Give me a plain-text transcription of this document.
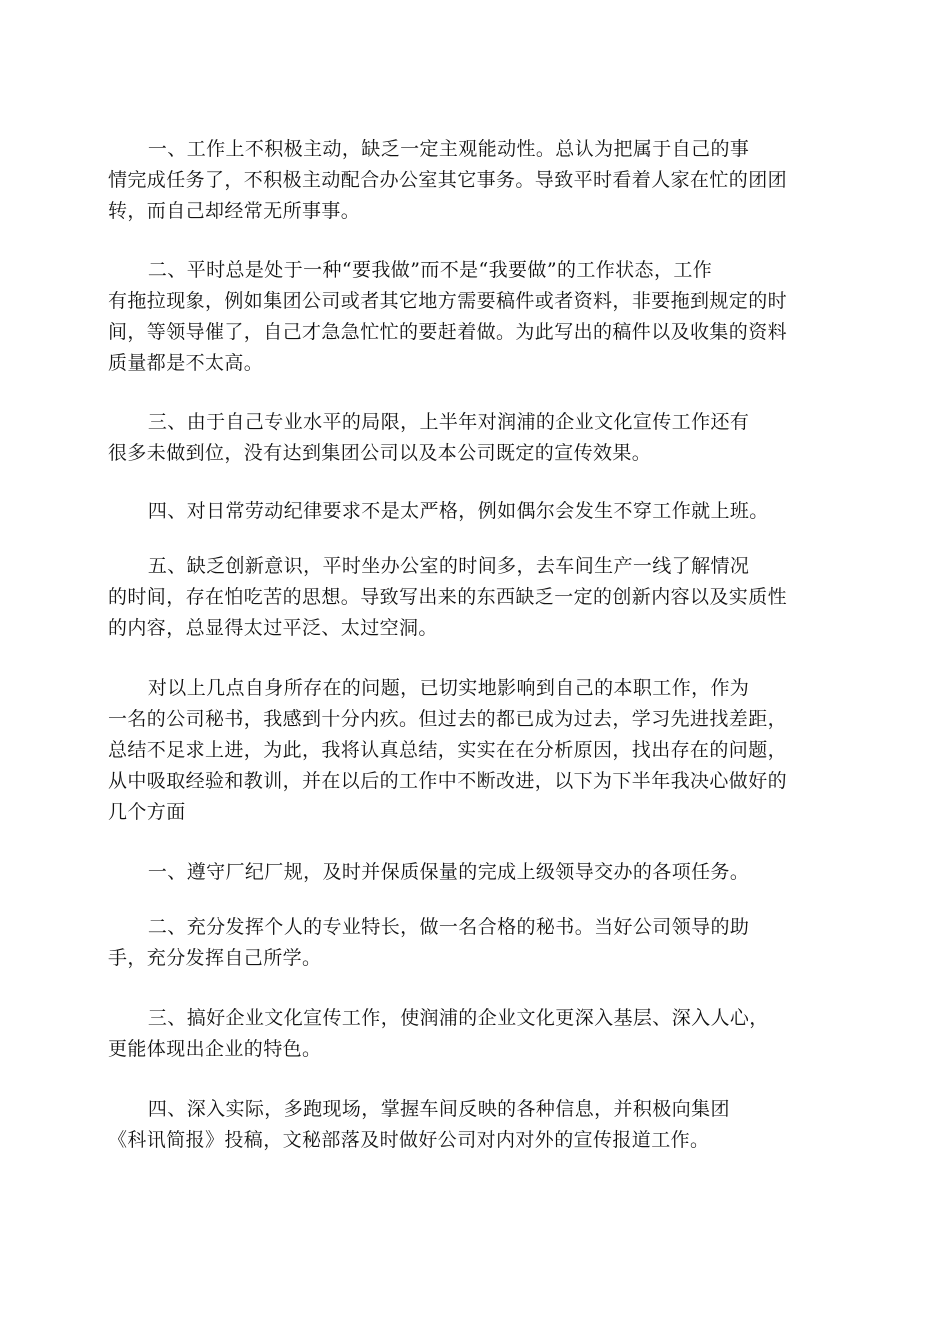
一、工作上不积极主动，缺乏一定主观能动性。总认为把属于自己的事
情完成任务了，不积极主动配合办公室其它事务。导致平时看着人家在忙的团团
转，而自己却经常无所事事。

二、平时总是处于一种“要我做”而不是“我要做”的工作状态，工作
有拖拉现象，例如集团公司或者其它地方需要稿件或者资料，非要拖到规定的时
间，等领导催了，自己才急急忙忙的要赶着做。为此写出的稿件以及收集的资料
质量都是不太高。

三、由于自己专业水平的局限，上半年对润浦的企业文化宣传工作还有
很多未做到位，没有达到集团公司以及本公司既定的宣传效果。

四、对日常劳动纪律要求不是太严格，例如偶尔会发生不穿工作就上班。

五、缺乏创新意识，平时坐办公室的时间多，去车间生产一线了解情况
的时间，存在怕吃苦的思想。导致写出来的东西缺乏一定的创新内容以及实质性
的内容，总显得太过平泛、太过空洞。

对以上几点自身所存在的问题，已切实地影响到自己的本职工作，作为
一名的公司秘书，我感到十分内疚。但过去的都已成为过去，学习先进找差距，
总结不足求上进，为此，我将认真总结，实实在在分析原因，找出存在的问题，
从中吸取经验和教训，并在以后的工作中不断改进，以下为下半年我决心做好的
几个方面

一、遵守厂纪厂规，及时并保质保量的完成上级领导交办的各项任务。

二、充分发挥个人的专业特长，做一名合格的秘书。当好公司领导的助
手，充分发挥自己所学。

三、搞好企业文化宣传工作，使润浦的企业文化更深入基层、深入人心，
更能体现出企业的特色。

四、深入实际，多跑现场，掌握车间反映的各种信息，并积极向集团
《科讯简报》投稿，文秘部落及时做好公司对内对外的宣传报道工作。
